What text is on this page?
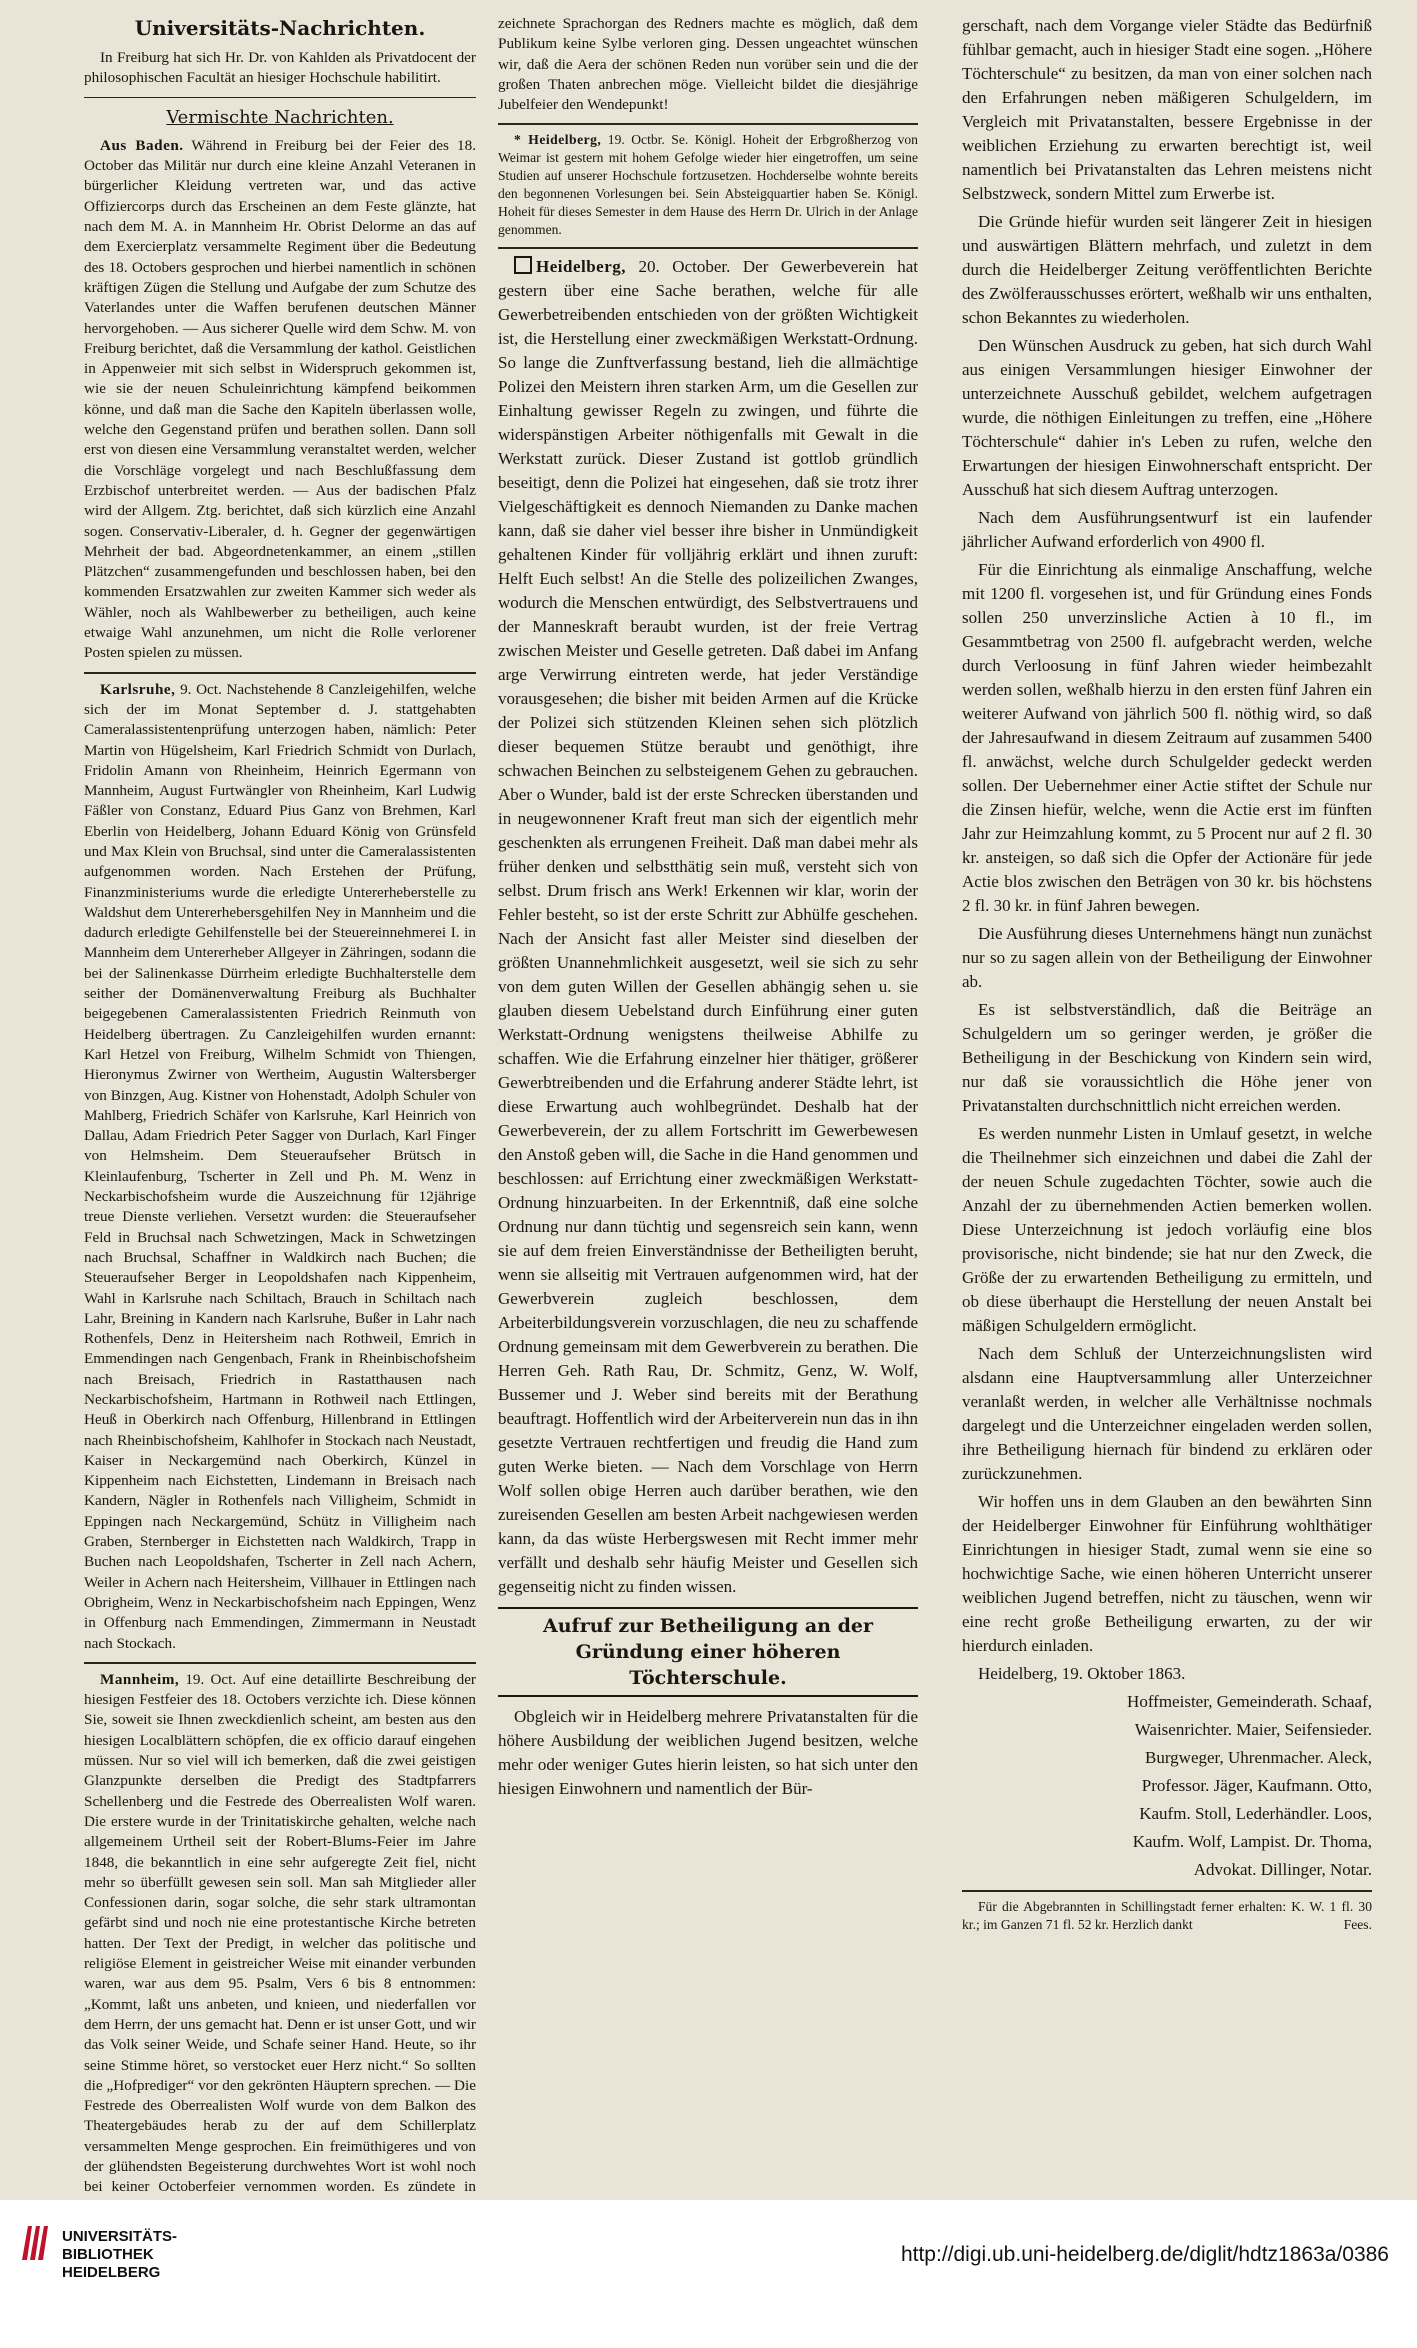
Universitäts-Nachrichten.

In Freiburg hat sich Hr. Dr. von Kahlden als Privatdocent der philosophischen Facultät an hiesiger Hochschule habilitirt.

Vermischte Nachrichten.

Aus Baden. Während in Freiburg bei der Feier des 18. October das Militär nur durch eine kleine Anzahl Veteranen in bürgerlicher Kleidung vertreten war, und das active Offiziercorps durch das Erscheinen an dem Feste glänzte, hat nach dem M. A. in Mannheim Hr. Obrist Delorme an das auf dem Exercierplatz versammelte Regiment über die Bedeutung des 18. Octobers gesprochen und hierbei namentlich in schönen kräftigen Zügen die Stellung und Aufgabe der zum Schutze des Vaterlandes unter die Waffen berufenen deutschen Männer hervorgehoben. — Aus sicherer Quelle wird dem Schw. M. von Freiburg berichtet, daß die Versammlung der kathol. Geistlichen in Appenweier mit sich selbst in Widerspruch gekommen ist, wie sie der neuen Schuleinrichtung kämpfend beikommen könne, und daß man die Sache den Kapiteln überlassen wolle, welche den Gegenstand prüfen und berathen sollen. Dann soll erst von diesen eine Versammlung veranstaltet werden, welcher die Vorschläge vorgelegt und nach Beschlußfassung dem Erzbischof unterbreitet werden. — Aus der badischen Pfalz wird der Allgem. Ztg. berichtet, daß sich kürzlich eine Anzahl sogen. Conservativ-Liberaler, d. h. Gegner der gegenwärtigen Mehrheit der bad. Abgeordnetenkammer, an einem „stillen Plätzchen“ zusammengefunden und beschlossen haben, bei den kommenden Ersatzwahlen zur zweiten Kammer sich weder als Wähler, noch als Wahlbewerber zu betheiligen, auch keine etwaige Wahl anzunehmen, um nicht die Rolle verlorener Posten spielen zu müssen.

Karlsruhe, 9. Oct. Nachstehende 8 Canzleigehilfen, welche sich der im Monat September d. J. stattgehabten Cameralassistentenprüfung unterzogen haben, nämlich: Peter Martin von Hügelsheim, Karl Friedrich Schmidt von Durlach, Fridolin Amann von Rheinheim, Heinrich Egermann von Mannheim, August Furtwängler von Rheinheim, Karl Ludwig Fäßler von Constanz, Eduard Pius Ganz von Brehmen, Karl Eberlin von Heidelberg, Johann Eduard König von Grünsfeld und Max Klein von Bruchsal, sind unter die Cameralassistenten aufgenommen worden. Nach Erstehen der Prüfung, Finanzministeriums wurde die erledigte Untererheberstelle zu Waldshut dem Untererhebersgehilfen Ney in Mannheim und die dadurch erledigte Gehilfenstelle bei der Steuereinnehmerei I. in Mannheim dem Untererheber Allgeyer in Zähringen, sodann die bei der Salinenkasse Dürrheim erledigte Buchhalterstelle dem seither der Domänenverwaltung Freiburg als Buchhalter beigegebenen Cameralassistenten Friedrich Reinmuth von Heidelberg übertragen. Zu Canzleigehilfen wurden ernannt: Karl Hetzel von Freiburg, Wilhelm Schmidt von Thiengen, Hieronymus Zwirner von Wertheim, Augustin Waltersberger von Binzgen, Aug. Kistner von Hohenstadt, Adolph Schuler von Mahlberg, Friedrich Schäfer von Karlsruhe, Karl Heinrich von Dallau, Adam Friedrich Peter Sagger von Durlach, Karl Finger von Helmsheim. Dem Steueraufseher Brütsch in Kleinlaufenburg, Tscherter in Zell und Ph. M. Wenz in Neckarbischofsheim wurde die Auszeichnung für 12jährige treue Dienste verliehen. Versetzt wurden: die Steueraufseher Feld in Bruchsal nach Schwetzingen, Mack in Schwetzingen nach Bruchsal, Schaffner in Waldkirch nach Buchen; die Steueraufseher Berger in Leopoldshafen nach Kippenheim, Wahl in Karlsruhe nach Schiltach, Brauch in Schiltach nach Lahr, Breining in Kandern nach Karlsruhe, Bußer in Lahr nach Rothenfels, Denz in Heitersheim nach Rothweil, Emrich in Emmendingen nach Gengenbach, Frank in Rheinbischofsheim nach Breisach, Friedrich in Rastatthausen nach Neckarbischofsheim, Hartmann in Rothweil nach Ettlingen, Heuß in Oberkirch nach Offenburg, Hillenbrand in Ettlingen nach Rheinbischofsheim, Kahlhofer in Stockach nach Neustadt, Kaiser in Neckargemünd nach Oberkirch, Künzel in Kippenheim nach Eichstetten, Lindemann in Breisach nach Kandern, Nägler in Rothenfels nach Villigheim, Schmidt in Eppingen nach Neckargemünd, Schütz in Villigheim nach Graben, Sternberger in Eichstetten nach Waldkirch, Trapp in Buchen nach Leopoldshafen, Tscherter in Zell nach Achern, Weiler in Achern nach Heitersheim, Villhauer in Ettlingen nach Obrigheim, Wenz in Neckarbischofsheim nach Eppingen, Wenz in Offenburg nach Emmendingen, Zimmermann in Neustadt nach Stockach.

Mannheim, 19. Oct. Auf eine detaillirte Beschreibung der hiesigen Festfeier des 18. Octobers verzichte ich. Diese können Sie, soweit sie Ihnen zweckdienlich scheint, am besten aus den hiesigen Localblättern schöpfen, die ex officio darauf eingehen müssen. Nur so viel will ich bemerken, daß die zwei geistigen Glanzpunkte derselben die Predigt des Stadtpfarrers Schellenberg und die Festrede des Oberrealisten Wolf waren. Die erstere wurde in der Trinitatiskirche gehalten, welche nach allgemeinem Urtheil seit der Robert-Blums-Feier im Jahre 1848, die bekanntlich in eine sehr aufgeregte Zeit fiel, nicht mehr so überfüllt gewesen sein soll. Man sah Mitglieder aller Confessionen darin, sogar solche, die sehr stark ultramontan gefärbt sind und noch nie eine protestantische Kirche betreten hatten. Der Text der Predigt, in welcher das politische und religiöse Element in geistreicher Weise mit einander verbunden waren, war aus dem 95. Psalm, Vers 6 bis 8 entnommen: „Kommt, laßt uns anbeten, und knieen, und niederfallen vor dem Herrn, der uns gemacht hat. Denn er ist unser Gott, und wir das Volk seiner Weide, und Schafe seiner Hand. Heute, so ihr seine Stimme höret, so verstocket euer Herz nicht.“ So sollten die „Hofprediger“ vor den gekrönten Häuptern sprechen. — Die Festrede des Oberrealisten Wolf wurde von dem Balkon des Theatergebäudes herab zu der auf dem Schillerplatz versammelten Menge gesprochen. Ein freimüthigeres und von der glühendsten Begeisterung durchwehtes Wort ist wohl noch bei keiner Octoberfeier vernommen worden. Es zündete in

zeichnete Sprachorgan des Redners machte es möglich, daß dem Publikum keine Sylbe verloren ging. Dessen ungeachtet wünschen wir, daß die Aera der schönen Reden nun vorüber sein und die der großen Thaten anbrechen möge. Vielleicht bildet die diesjährige Jubelfeier den Wendepunkt!

* Heidelberg, 19. Octbr. Se. Königl. Hoheit der Erbgroßherzog von Weimar ist gestern mit hohem Gefolge wieder hier eingetroffen, um seine Studien auf unserer Hochschule fortzusetzen. Hochderselbe wohnte bereits den begonnenen Vorlesungen bei. Sein Absteigquartier haben Se. Königl. Hoheit für dieses Semester in dem Hause des Herrn Dr. Ulrich in der Anlage genommen.

Heidelberg, 20. October. Der Gewerbeverein hat gestern über eine Sache berathen, welche für alle Gewerbetreibenden entschieden von der größten Wichtigkeit ist, die Herstellung einer zweckmäßigen Werkstatt-Ordnung. So lange die Zunftverfassung bestand, lieh die allmächtige Polizei den Meistern ihren starken Arm, um die Gesellen zur Einhaltung gewisser Regeln zu zwingen, und führte die widerspänstigen Arbeiter nöthigenfalls mit Gewalt in die Werkstatt zurück. Dieser Zustand ist gottlob gründlich beseitigt, denn die Polizei hat eingesehen, daß sie trotz ihrer Vielgeschäftigkeit es dennoch Niemanden zu Danke machen kann, daß sie daher viel besser ihre bisher in Unmündigkeit gehaltenen Kinder für volljährig erklärt und ihnen zuruft: Helft Euch selbst! An die Stelle des polizeilichen Zwanges, wodurch die Menschen entwürdigt, des Selbstvertrauens und der Manneskraft beraubt wurden, ist der freie Vertrag zwischen Meister und Geselle getreten. Daß dabei im Anfang arge Verwirrung eintreten werde, hat jeder Verständige vorausgesehen; die bisher mit beiden Armen auf die Krücke der Polizei sich stützenden Kleinen sehen sich plötzlich dieser bequemen Stütze beraubt und genöthigt, ihre schwachen Beinchen zu selbsteigenem Gehen zu gebrauchen. Aber o Wunder, bald ist der erste Schrecken überstanden und in neugewonnener Kraft freut man sich der eigentlich mehr geschenkten als errungenen Freiheit. Daß man dabei mehr als früher denken und selbstthätig sein muß, versteht sich von selbst. Drum frisch ans Werk! Erkennen wir klar, worin der Fehler besteht, so ist der erste Schritt zur Abhülfe geschehen. Nach der Ansicht fast aller Meister sind dieselben der größten Unannehmlichkeit ausgesetzt, weil sie sich zu sehr von dem guten Willen der Gesellen abhängig sehen u. sie glauben diesem Uebelstand durch Einführung einer guten Werkstatt-Ordnung wenigstens theilweise Abhilfe zu schaffen. Wie die Erfahrung einzelner hier thätiger, größerer Gewerbtreibenden und die Erfahrung anderer Städte lehrt, ist diese Erwartung auch wohlbegründet. Deshalb hat der Gewerbeverein, der zu allem Fortschritt im Gewerbewesen den Anstoß geben will, die Sache in die Hand genommen und beschlossen: auf Errichtung einer zweckmäßigen Werkstatt-Ordnung hinzuarbeiten. In der Erkenntniß, daß eine solche Ordnung nur dann tüchtig und segensreich sein kann, wenn sie auf dem freien Einverständnisse der Betheiligten beruht, wenn sie allseitig mit Vertrauen aufgenommen wird, hat der Gewerbverein zugleich beschlossen, dem Arbeiterbildungsverein vorzuschlagen, die neu zu schaffende Ordnung gemeinsam mit dem Gewerbverein zu berathen. Die Herren Geh. Rath Rau, Dr. Schmitz, Genz, W. Wolf, Bussemer und J. Weber sind bereits mit der Berathung beauftragt. Hoffentlich wird der Arbeiterverein nun das in ihn gesetzte Vertrauen rechtfertigen und freudig die Hand zum guten Werke bieten. — Nach dem Vorschlage von Herrn Wolf sollen obige Herren auch darüber berathen, wie den zureisenden Gesellen am besten Arbeit nachgewiesen werden kann, da das wüste Herbergswesen mit Recht immer mehr verfällt und deshalb sehr häufig Meister und Gesellen sich gegenseitig nicht zu finden wissen.

Aufruf zur Betheiligung an der Gründung einer höheren Töchterschule.

Obgleich wir in Heidelberg mehrere Privatanstalten für die höhere Ausbildung der weiblichen Jugend besitzen, welche mehr oder weniger Gutes hierin leisten, so hat sich unter den hiesigen Einwohnern und namentlich der Bür-

gerschaft, nach dem Vorgange vieler Städte das Bedürfniß fühlbar gemacht, auch in hiesiger Stadt eine sogen. „Höhere Töchterschule“ zu besitzen, da man von einer solchen nach den Erfahrungen neben mäßigeren Schulgeldern, im Vergleich mit Privatanstalten, bessere Ergebnisse in der weiblichen Erziehung zu erwarten berechtigt ist, weil namentlich bei Privatanstalten das Lehren meistens nicht Selbstzweck, sondern Mittel zum Erwerbe ist.

Die Gründe hiefür wurden seit längerer Zeit in hiesigen und auswärtigen Blättern mehrfach, und zuletzt in dem durch die Heidelberger Zeitung veröffentlichten Berichte des Zwölferausschusses erörtert, weßhalb wir uns enthalten, schon Bekanntes zu wiederholen.

Den Wünschen Ausdruck zu geben, hat sich durch Wahl aus einigen Versammlungen hiesiger Einwohner der unterzeichnete Ausschuß gebildet, welchem aufgetragen wurde, die nöthigen Einleitungen zu treffen, eine „Höhere Töchterschule“ dahier in's Leben zu rufen, welche den Erwartungen der hiesigen Einwohnerschaft entspricht. Der Ausschuß hat sich diesem Auftrag unterzogen.

Nach dem Ausführungsentwurf ist ein laufender jährlicher Aufwand erforderlich von 4900 fl.

Für die Einrichtung als einmalige Anschaffung, welche mit 1200 fl. vorgesehen ist, und für Gründung eines Fonds sollen 250 unverzinsliche Actien à 10 fl., im Gesammtbetrag von 2500 fl. aufgebracht werden, welche durch Verloosung in fünf Jahren wieder heimbezahlt werden sollen, weßhalb hierzu in den ersten fünf Jahren ein weiterer Aufwand von jährlich 500 fl. nöthig wird, so daß der Jahresaufwand in diesem Zeitraum auf zusammen 5400 fl. anwächst, welche durch Schulgelder gedeckt werden sollen. Der Uebernehmer einer Actie stiftet der Schule nur die Zinsen hiefür, welche, wenn die Actie erst im fünften Jahr zur Heimzahlung kommt, zu 5 Procent nur auf 2 fl. 30 kr. ansteigen, so daß sich die Opfer der Actionäre für jede Actie blos zwischen den Beträgen von 30 kr. bis höchstens 2 fl. 30 kr. in fünf Jahren bewegen.

Die Ausführung dieses Unternehmens hängt nun zunächst nur so zu sagen allein von der Betheiligung der Einwohner ab.

Es ist selbstverständlich, daß die Beiträge an Schulgeldern um so geringer werden, je größer die Betheiligung in der Beschickung von Kindern sein wird, nur daß sie voraussichtlich die Höhe jener von Privatanstalten durchschnittlich nicht erreichen werden.

Es werden nunmehr Listen in Umlauf gesetzt, in welche die Theilnehmer sich einzeichnen und dabei die Zahl der der neuen Schule zugedachten Töchter, sowie auch die Anzahl der zu übernehmenden Actien bemerken wollen. Diese Unterzeichnung ist jedoch vorläufig eine blos provisorische, nicht bindende; sie hat nur den Zweck, die Größe der zu erwartenden Betheiligung zu ermitteln, und ob diese überhaupt die Herstellung der neuen Anstalt bei mäßigen Schulgeldern ermöglicht.

Nach dem Schluß der Unterzeichnungslisten wird alsdann eine Hauptversammlung aller Unterzeichner veranlaßt werden, in welcher alle Verhältnisse nochmals dargelegt und die Unterzeichner eingeladen werden sollen, ihre Betheiligung hiernach für bindend zu erklären oder zurückzunehmen.

Wir hoffen uns in dem Glauben an den bewährten Sinn der Heidelberger Einwohner für Einführung wohlthätiger Einrichtungen in hiesiger Stadt, zumal wenn sie eine so hochwichtige Sache, wie einen höheren Unterricht unserer weiblichen Jugend betreffen, nicht zu täuschen, wenn wir eine recht große Betheiligung erwarten, zu der wir hierdurch einladen.

Heidelberg, 19. Oktober 1863.

Hoffmeister, Gemeinderath. Schaaf,

Waisenrichter. Maier, Seifensieder.

Burgweger, Uhrenmacher. Aleck,

Professor. Jäger, Kaufmann. Otto,

Kaufm. Stoll, Lederhändler. Loos,

Kaufm. Wolf, Lampist. Dr. Thoma,

Advokat. Dillinger, Notar.

Für die Abgebrannten in Schillingstadt ferner erhalten: K. W. 1 fl. 30 kr.; im Ganzen 71 fl. 52 kr. Herzlich dankt	Fees.

UNIVERSITÄTS-
BIBLIOTHEK
HEIDELBERG
http://digi.ub.uni-heidelberg.de/diglit/hdtz1863a/0386
